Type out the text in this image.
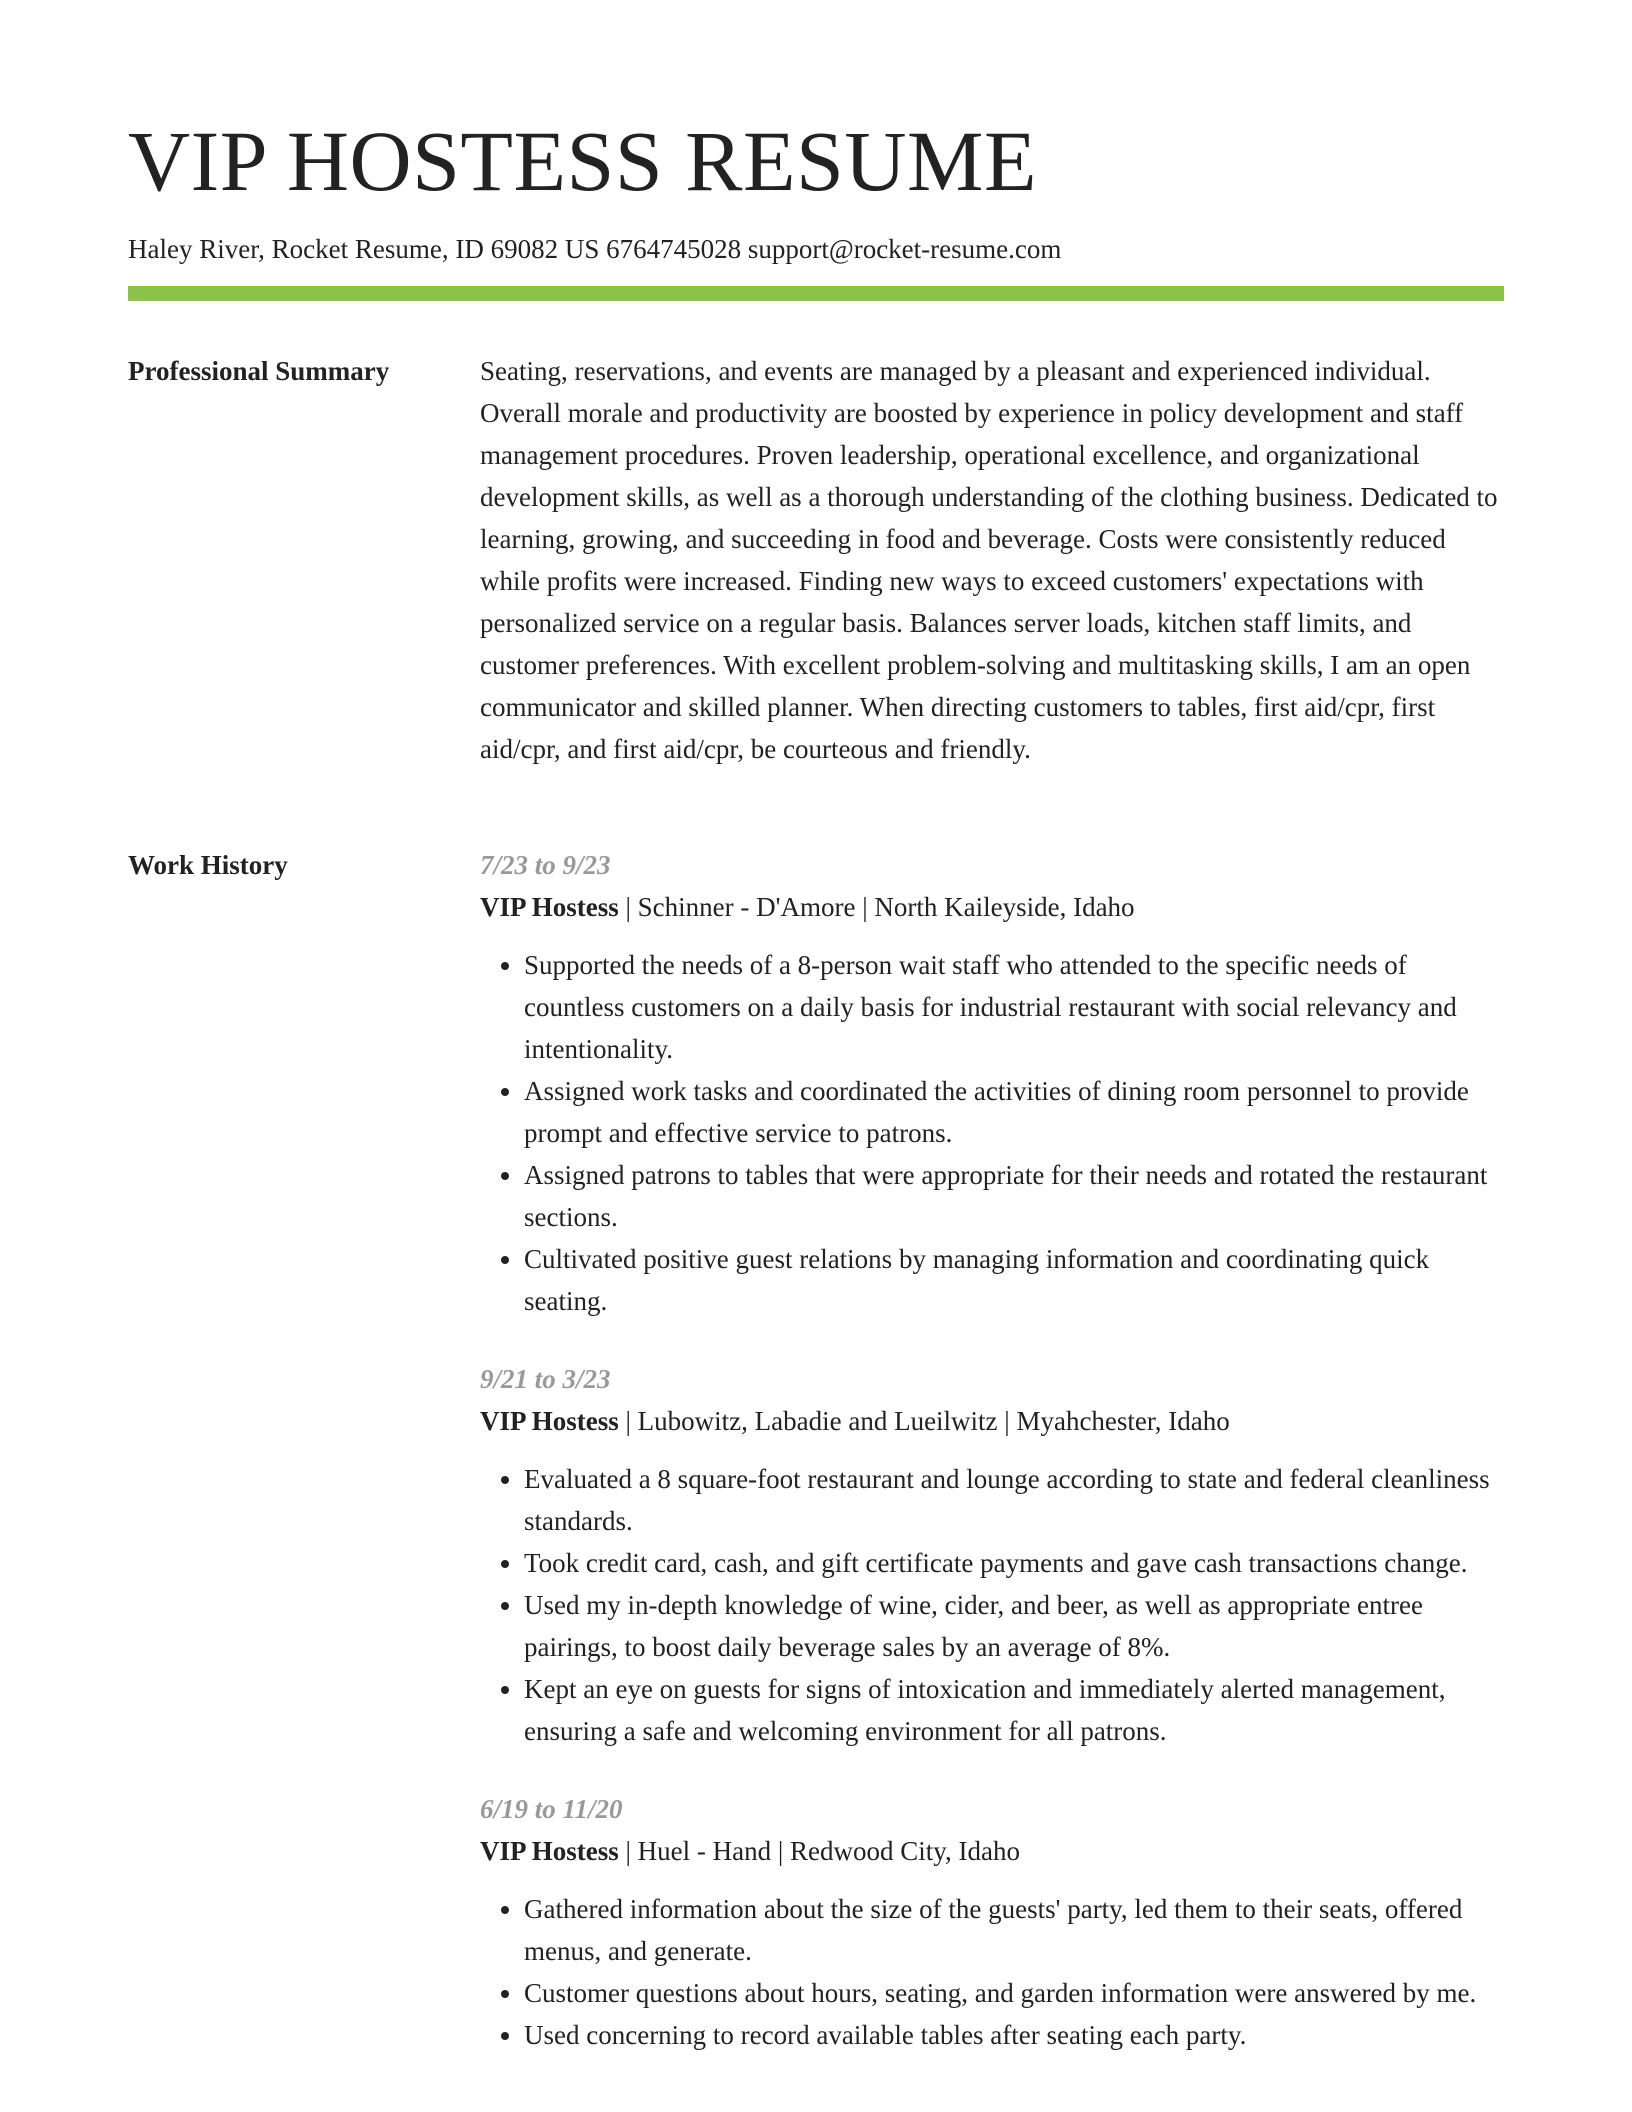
VIP HOSTESS RESUME
Haley River, Rocket Resume, ID 69082 US 6764745028 support@rocket-resume.com
Professional Summary	Seating, reservations, and events are managed by a pleasant and experienced individual. Overall morale and productivity are boosted by experience in policy development and staff management procedures. Proven leadership, operational excellence, and organizational development skills, as well as a thorough understanding of the clothing business. Dedicated to learning, growing, and succeeding in food and beverage. Costs were consistently reduced while profits were increased. Finding new ways to exceed customers' expectations with personalized service on a regular basis. Balances server loads, kitchen staff limits, and customer preferences. With excellent problem-solving and multitasking skills, I am an open communicator and skilled planner. When directing customers to tables, first aid/cpr, first aid/cpr, and first aid/cpr, be courteous and friendly.

Work History	7/23 to 9/23
VIP Hostess | Schinner - D'Amore | North Kaileyside, Idaho
• Supported the needs of a 8-person wait staff who attended to the specific needs of countless customers on a daily basis for industrial restaurant with social relevancy and intentionality.
• Assigned work tasks and coordinated the activities of dining room personnel to provide prompt and effective service to patrons.
• Assigned patrons to tables that were appropriate for their needs and rotated the restaurant sections.
• Cultivated positive guest relations by managing information and coordinating quick seating.
9/21 to 3/23
VIP Hostess | Lubowitz, Labadie and Lueilwitz | Myahchester, Idaho
• Evaluated a 8 square-foot restaurant and lounge according to state and federal cleanliness standards.
• Took credit card, cash, and gift certificate payments and gave cash transactions change.
• Used my in-depth knowledge of wine, cider, and beer, as well as appropriate entree pairings, to boost daily beverage sales by an average of 8%.
• Kept an eye on guests for signs of intoxication and immediately alerted management, ensuring a safe and welcoming environment for all patrons.
6/19 to 11/20
VIP Hostess | Huel - Hand | Redwood City, Idaho
• Gathered information about the size of the guests' party, led them to their seats, offered menus, and generate.
• Customer questions about hours, seating, and garden information were answered by me.
• Used concerning to record available tables after seating each party.
